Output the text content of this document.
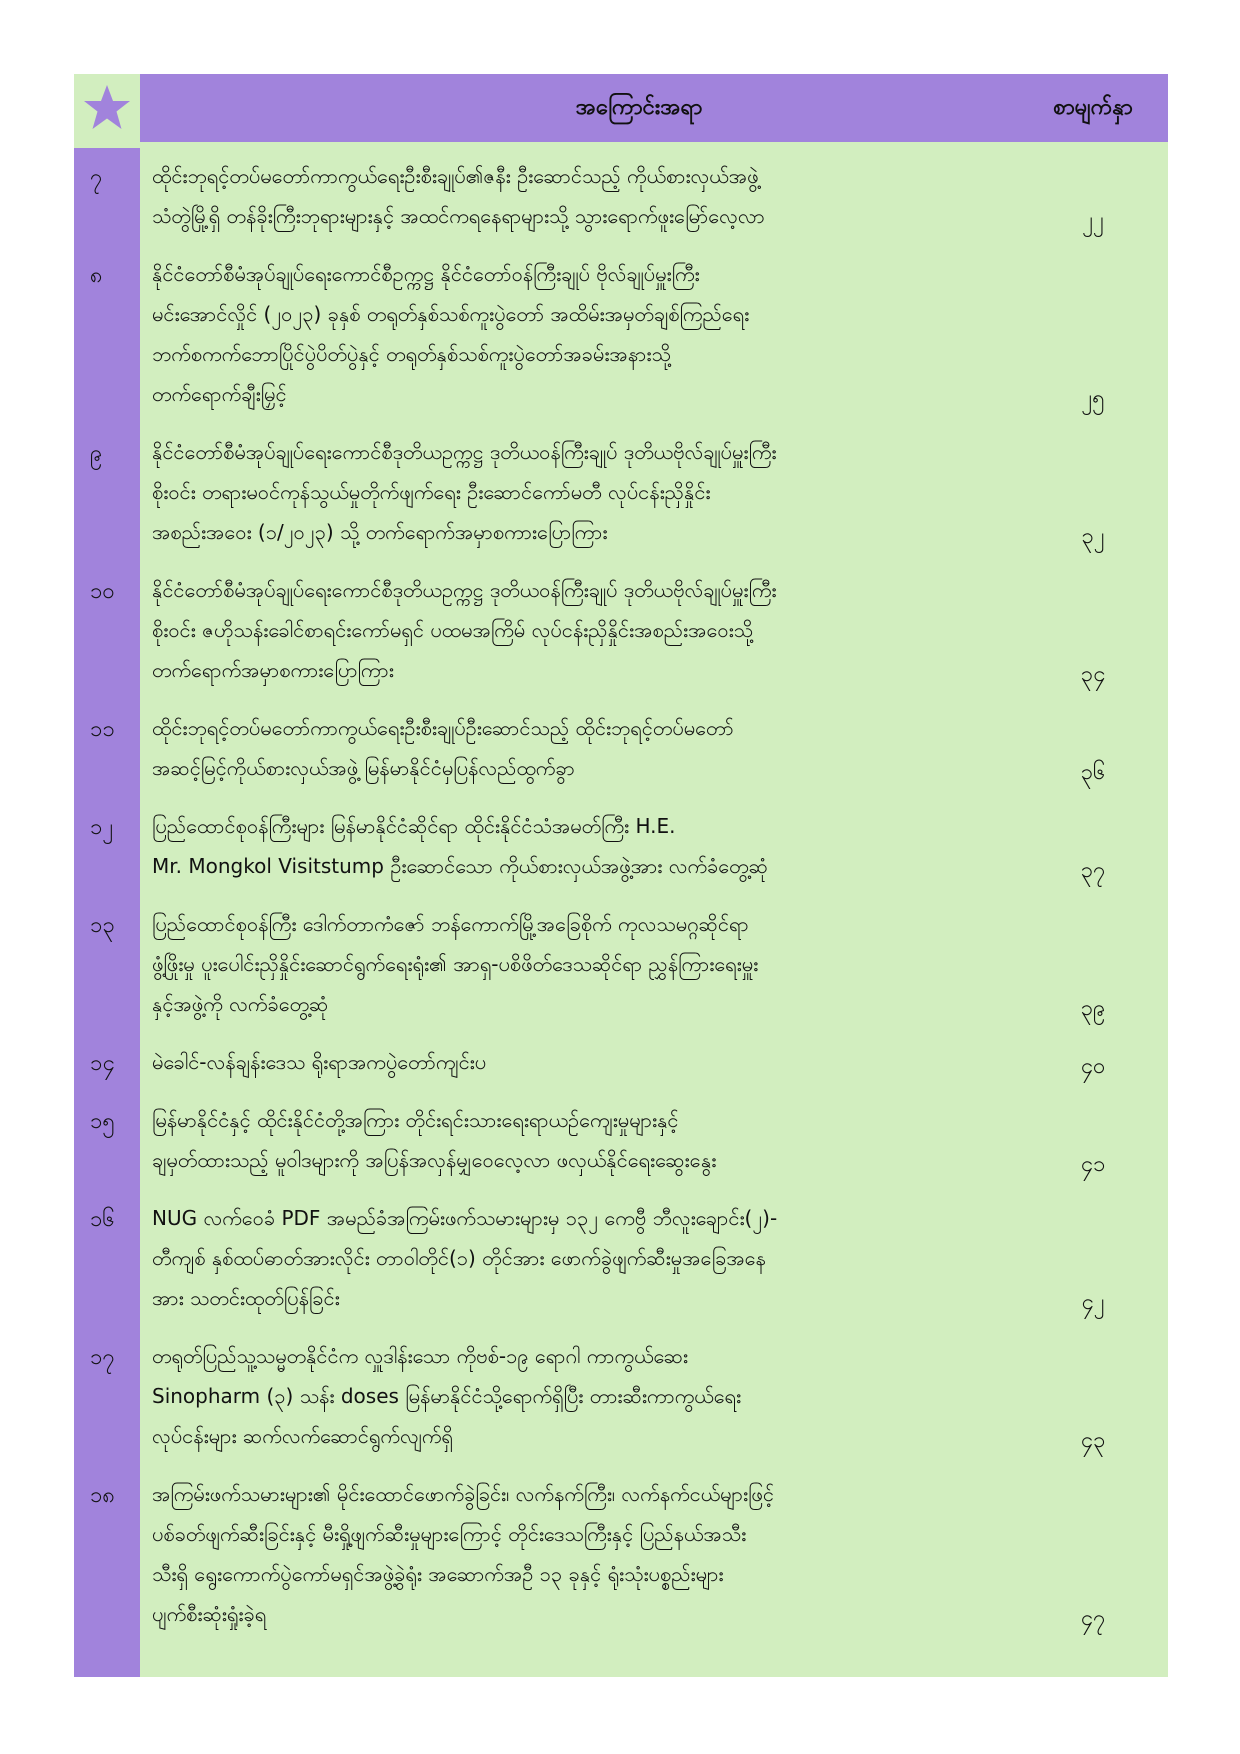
အကြောင်းအရာ	စာမျက်နှာ
၇	ထိုင်းဘုရင့်တပ်မတော်ကာကွယ်ရေးဦးစီးချုပ်၏ဇနီး ဦးဆောင်သည့် ကိုယ်စားလှယ်အဖွဲ့
သံတွဲမြို့ရှိ တန်ခိုးကြီးဘုရားများနှင့် အထင်ကရနေရာများသို့ သွားရောက်ဖူးမြော်လေ့လာ	၂၂
၈	နိုင်ငံတော်စီမံအုပ်ချုပ်ရေးကောင်စီဥက္ကဋ္ဌ နိုင်ငံတော်ဝန်ကြီးချုပ် ဗိုလ်ချုပ်မှူးကြီး
မင်းအောင်လှိုင် (၂၀၂၃) ခုနှစ် တရုတ်နှစ်သစ်ကူးပွဲတော် အထိမ်းအမှတ်ချစ်ကြည်ရေး
ဘက်စကက်ဘောပြိုင်ပွဲပိတ်ပွဲနှင့် တရုတ်နှစ်သစ်ကူးပွဲတော်အခမ်းအနားသို့
တက်ရောက်ချီးမြှင့်	၂၅
၉	နိုင်ငံတော်စီမံအုပ်ချုပ်ရေးကောင်စီဒုတိယဥက္ကဋ္ဌ ဒုတိယဝန်ကြီးချုပ် ဒုတိယဗိုလ်ချုပ်မှူးကြီး
စိုးဝင်း တရားမဝင်ကုန်သွယ်မှုတိုက်ဖျက်ရေး ဦးဆောင်ကော်မတီ လုပ်ငန်းညှိနှိုင်း
အစည်းအဝေး (၁/၂၀၂၃) သို့ တက်ရောက်အမှာစကားပြောကြား	၃၂
၁၀	နိုင်ငံတော်စီမံအုပ်ချုပ်ရေးကောင်စီဒုတိယဥက္ကဋ္ဌ ဒုတိယဝန်ကြီးချုပ် ဒုတိယဗိုလ်ချုပ်မှူးကြီး
စိုးဝင်း ဇဟိုသန်းခေါင်စာရင်းကော်မရှင် ပထမအကြိမ် လုပ်ငန်းညှိနှိုင်းအစည်းအဝေးသို့
တက်ရောက်အမှာစကားပြောကြား	၃၄
၁၁	ထိုင်းဘုရင့်တပ်မတော်ကာကွယ်ရေးဦးစီးချုပ်ဦးဆောင်သည့် ထိုင်းဘုရင့်တပ်မတော်
အဆင့်မြင့်ကိုယ်စားလှယ်အဖွဲ့ မြန်မာနိုင်ငံမှပြန်လည်ထွက်ခွာ	၃၆
၁၂	ပြည်ထောင်စုဝန်ကြီးများ မြန်မာနိုင်ငံဆိုင်ရာ ထိုင်းနိုင်ငံသံအမတ်ကြီး H.E.
Mr. Mongkol Visitstump ဦးဆောင်သော ကိုယ်စားလှယ်အဖွဲ့အား လက်ခံတွေ့ဆုံ	၃၇
၁၃	ပြည်ထောင်စုဝန်ကြီး ဒေါက်တာကံဇော် ဘန်ကောက်မြို့အခြေစိုက် ကုလသမဂ္ဂဆိုင်ရာ
ဖွံ့ဖြိုးမှု ပူးပေါင်းညှိနှိုင်းဆောင်ရွက်ရေးရုံး၏ အာရှ-ပစိဖိတ်ဒေသဆိုင်ရာ ညွှန်ကြားရေးမှူး
နှင့်အဖွဲ့ကို လက်ခံတွေ့ဆုံ	၃၉
၁၄	မဲခေါင်-လန်ချန်းဒေသ ရိုးရာအကပွဲတော်ကျင်းပ	၄၀
၁၅	မြန်မာနိုင်ငံနှင့် ထိုင်းနိုင်ငံတို့အကြား တိုင်းရင်းသားရေးရာယဉ်ကျေးမှုများနှင့်
ချမှတ်ထားသည့် မူဝါဒများကို အပြန်အလှန်မျှဝေလေ့လာ ဖလှယ်နိုင်ရေးဆွေးနွေး	၄၁
၁၆	NUG လက်ဝေခံ PDF အမည်ခံအကြမ်းဖက်သမားများမှ ၁၃၂ ကေဗွီ ဘီလူးချောင်း(၂)-
တီကျစ် နှစ်ထပ်ဓာတ်အားလိုင်း တာဝါတိုင်(၁) တိုင်အား ဖောက်ခွဲဖျက်ဆီးမှုအခြေအနေ
အား သတင်းထုတ်ပြန်ခြင်း	၄၂
၁၇	တရုတ်ပြည်သူ့သမ္မတနိုင်ငံက လှူဒါန်းသော ကိုဗစ်-၁၉ ရောဂါ ကာကွယ်ဆေး
Sinopharm (၃) သန်း doses မြန်မာနိုင်ငံသို့ရောက်ရှိပြီး တားဆီးကာကွယ်ရေး
လုပ်ငန်းများ ဆက်လက်ဆောင်ရွက်လျက်ရှိ	၄၃
၁၈	အကြမ်းဖက်သမားများ၏ မိုင်းထောင်ဖောက်ခွဲခြင်း၊ လက်နက်ကြီး၊ လက်နက်ငယ်များဖြင့်
ပစ်ခတ်ဖျက်ဆီးခြင်းနှင့် မီးရှို့ဖျက်ဆီးမှုများကြောင့် တိုင်းဒေသကြီးနှင့် ပြည်နယ်အသီး
သီးရှိ ရွေးကောက်ပွဲကော်မရှင်အဖွဲ့ခွဲရုံး အဆောက်အဦ ၁၃ ခုနှင့် ရုံးသုံးပစ္စည်းများ
ပျက်စီးဆုံးရှုံးခဲ့ရ	၄၇
